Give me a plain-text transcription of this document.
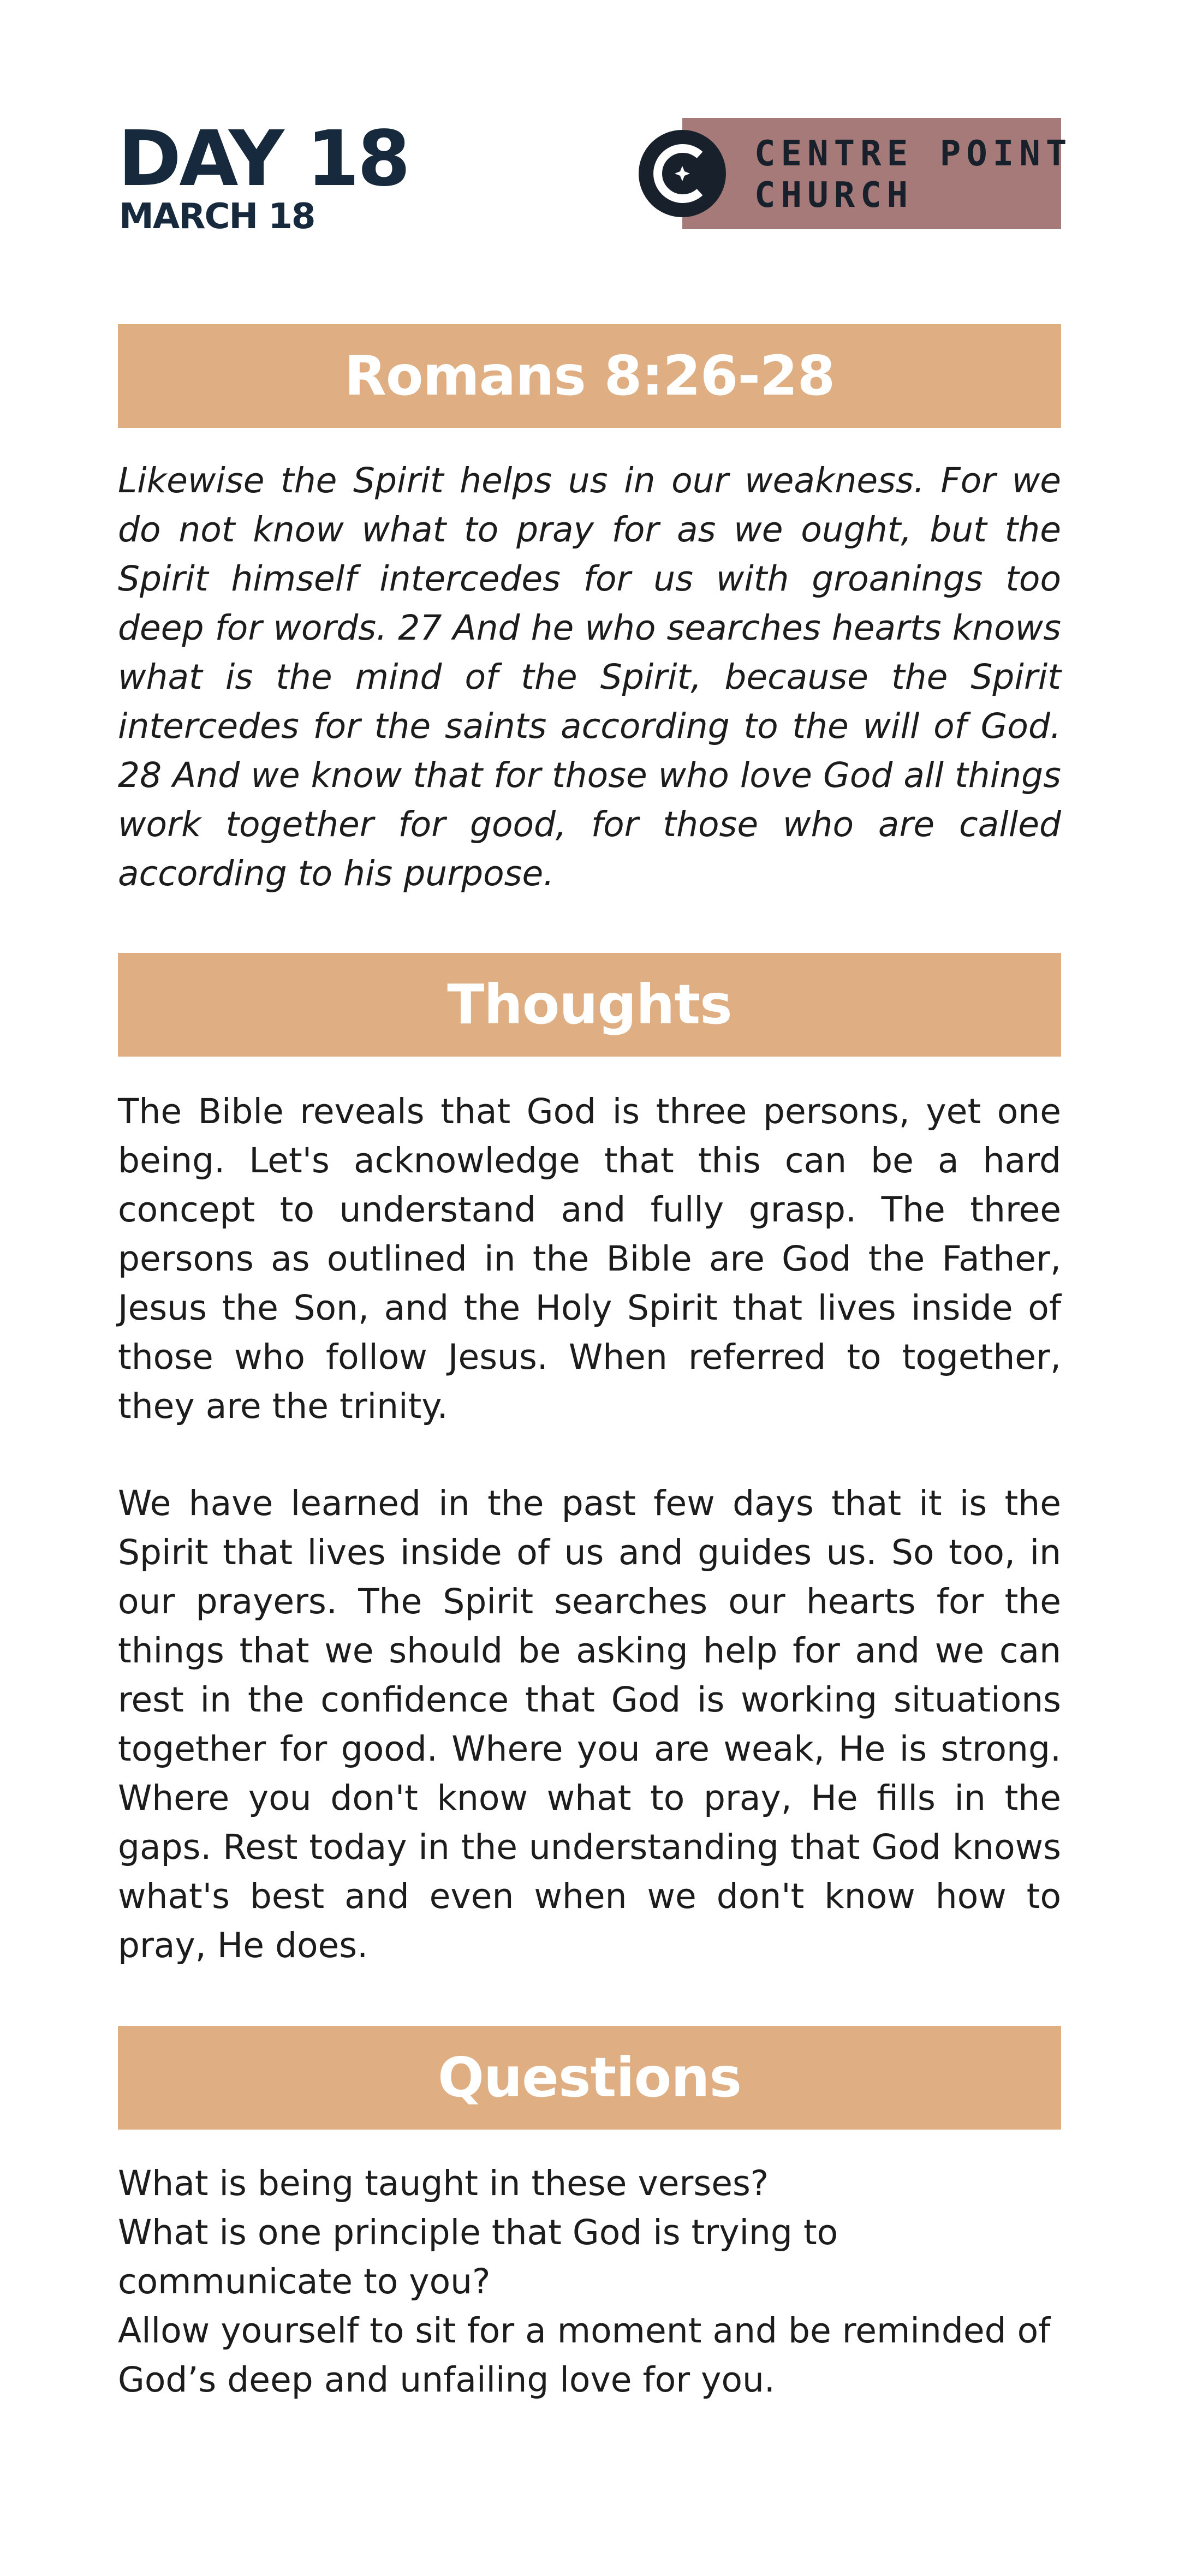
DAY 18
MARCH 18
CENTRE POINT
CHURCH
Romans 8:26-28
Likewise the Spirit helps us in our weakness. For we do not know what to pray for as we ought, but the Spirit himself intercedes for us with groanings too deep for words. 27 And he who searches hearts knows what is the mind of the Spirit, because the Spirit intercedes for the saints according to the will of God. 28 And we know that for those who love God all things work together for good, for those who are called according to his purpose.
Thoughts
The Bible reveals that God is three persons, yet one being. Let's acknowledge that this can be a hard concept to understand and fully grasp. The three persons as outlined in the Bible are God the Father, Jesus the Son, and the Holy Spirit that lives inside of those who follow Jesus. When referred to together, they are the trinity.
We have learned in the past few days that it is the Spirit that lives inside of us and guides us. So too, in our prayers. The Spirit searches our hearts for the things that we should be asking help for and we can rest in the confidence that God is working situations together for good. Where you are weak, He is strong. Where you don't know what to pray, He fills in the gaps. Rest today in the understanding that God knows what's best and even when we don't know how to pray, He does.
Questions
What is being taught in these verses?
What is one principle that God is trying to communicate to you?
Allow yourself to sit for a moment and be reminded of God’s deep and unfailing love for you.
